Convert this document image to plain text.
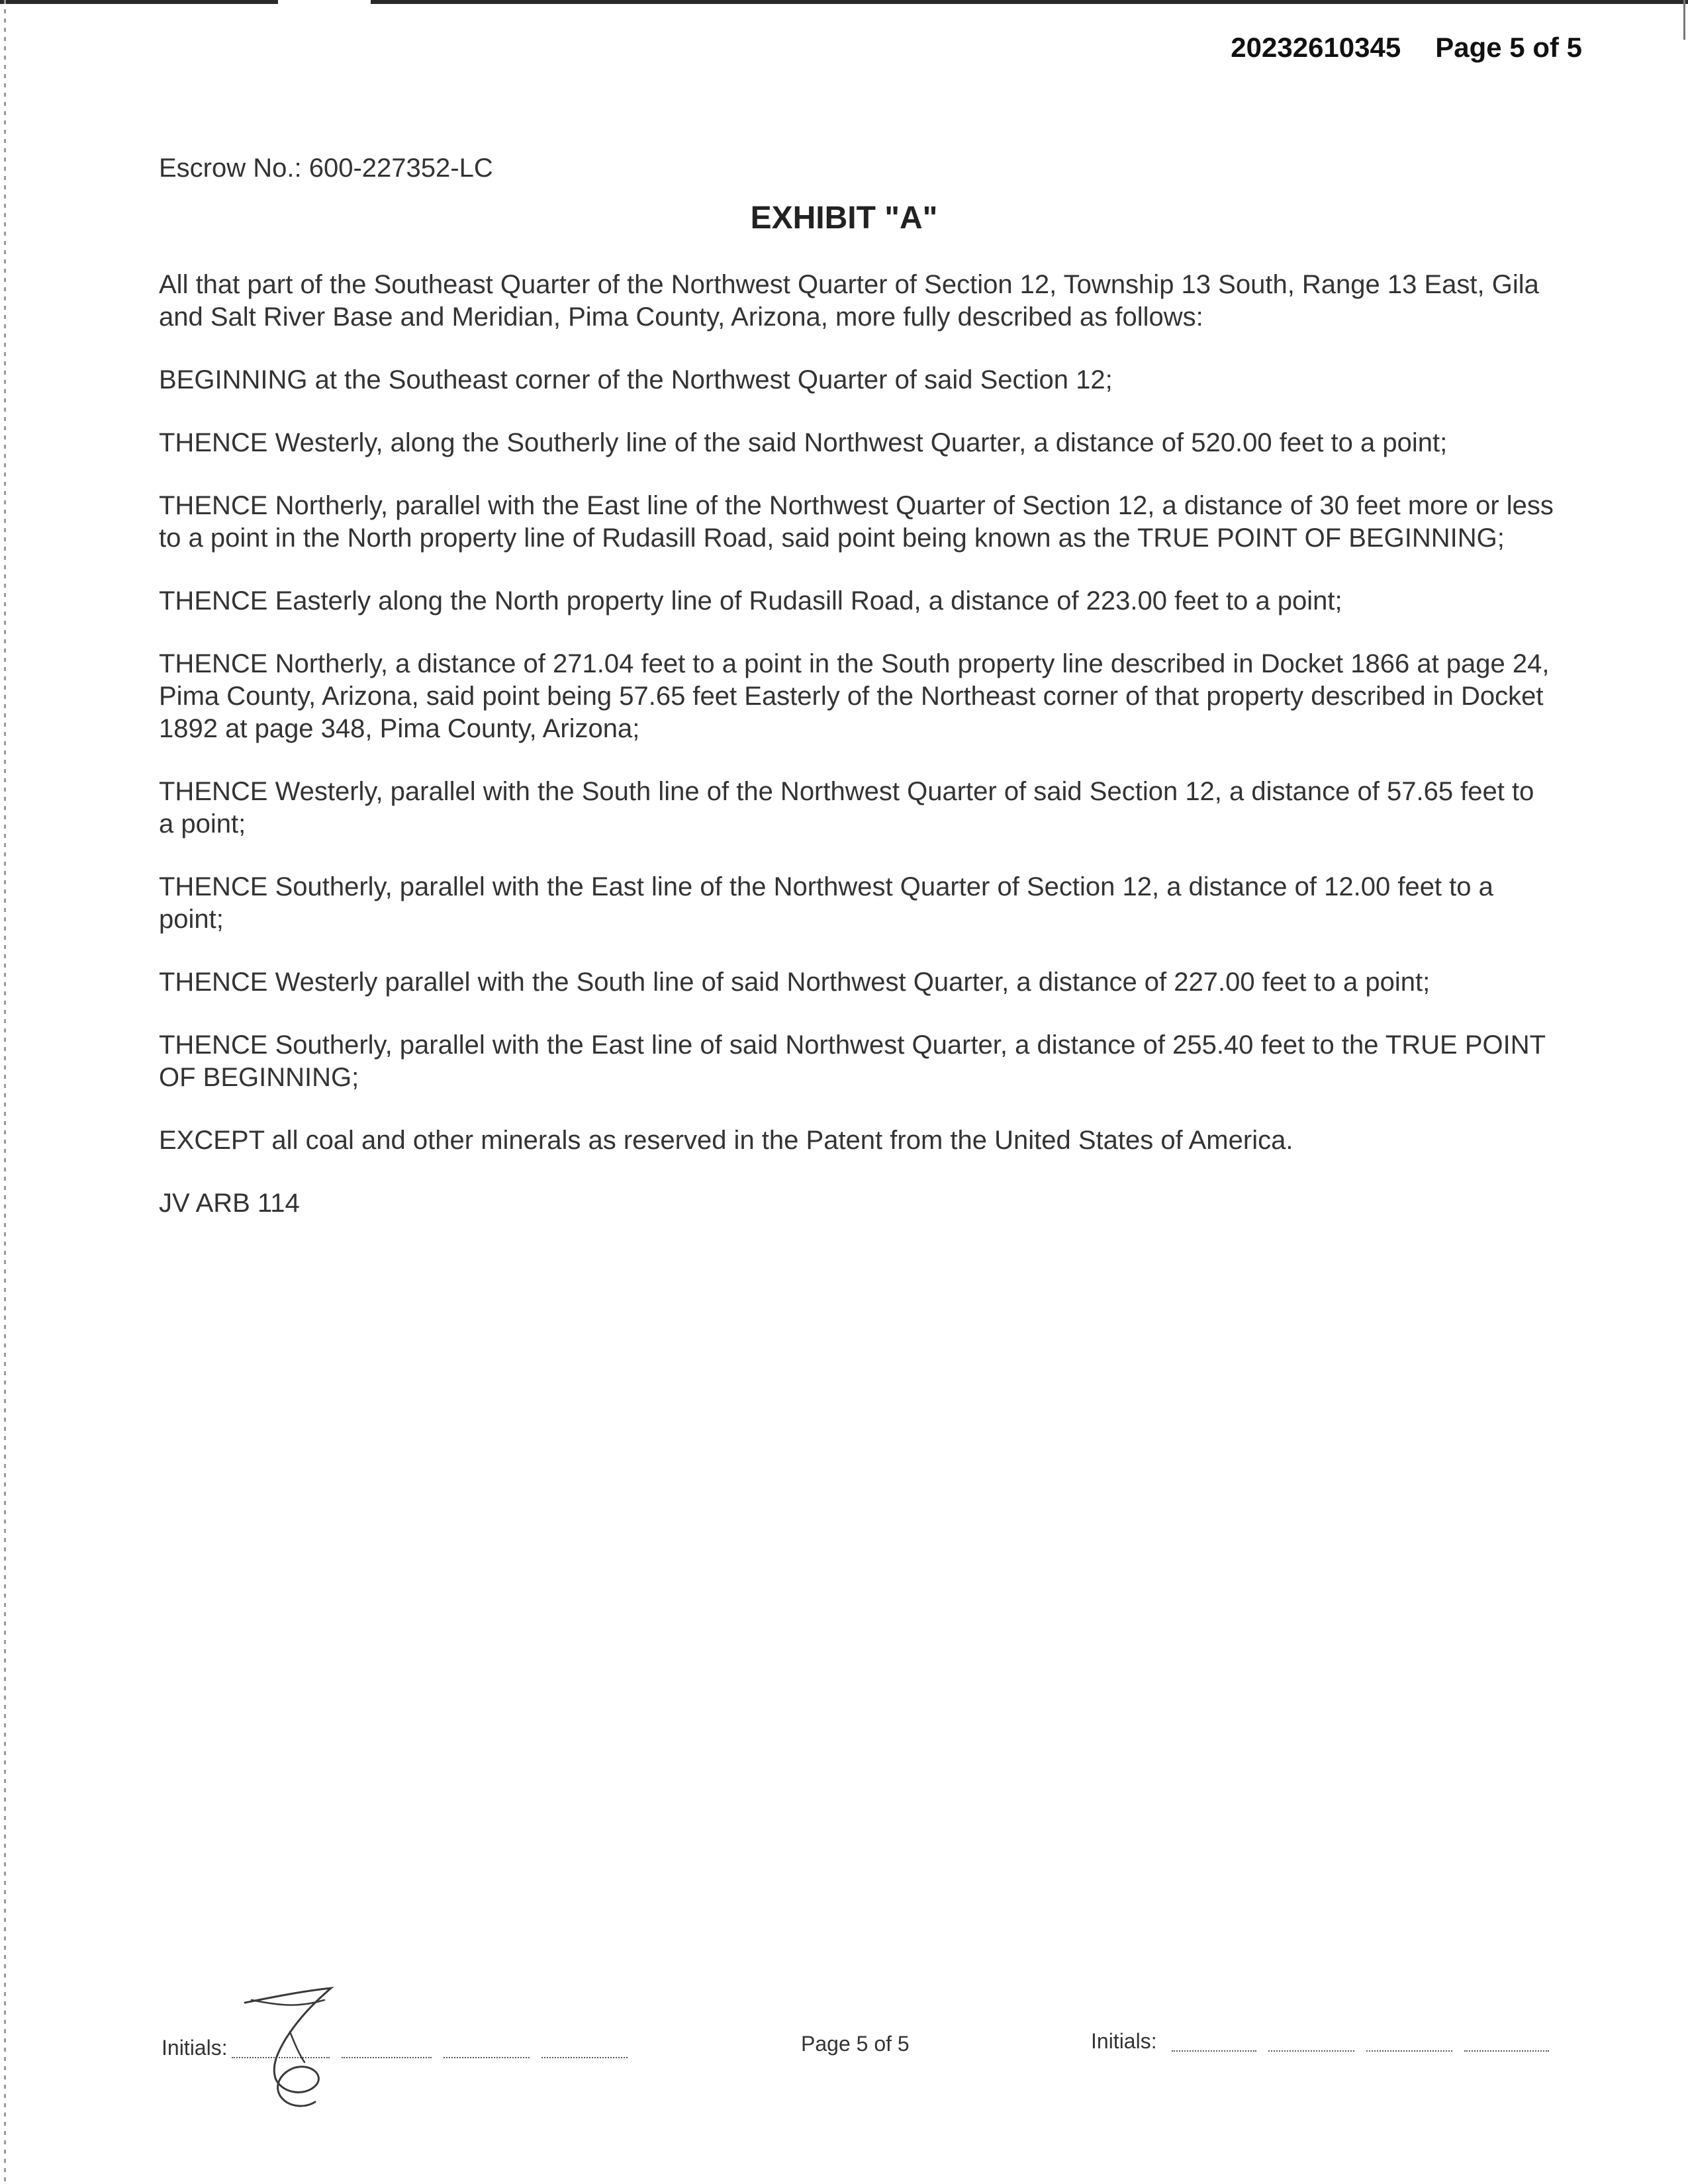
20232610345 Page 5 of 5
Escrow No.: 600-227352-LC
EXHIBIT "A"

All that part of the Southeast Quarter of the Northwest Quarter of Section 12, Township 13 South, Range 13 East, Gila and Salt River Base and Meridian, Pima County, Arizona, more fully described as follows:

BEGINNING at the Southeast corner of the Northwest Quarter of said Section 12;

THENCE Westerly, along the Southerly line of the said Northwest Quarter, a distance of 520.00 feet to a point;

THENCE Northerly, parallel with the East line of the Northwest Quarter of Section 12, a distance of 30 feet more or less to a point in the North property line of Rudasill Road, said point being known as the TRUE POINT OF BEGINNING;

THENCE Easterly along the North property line of Rudasill Road, a distance of 223.00 feet to a point;

THENCE Northerly, a distance of 271.04 feet to a point in the South property line described in Docket 1866 at page 24, Pima County, Arizona, said point being 57.65 feet Easterly of the Northeast corner of that property described in Docket 1892 at page 348, Pima County, Arizona;

THENCE Westerly, parallel with the South line of the Northwest Quarter of said Section 12, a distance of 57.65 feet to a point;

THENCE Southerly, parallel with the East line of the Northwest Quarter of Section 12, a distance of 12.00 feet to a point;

THENCE Westerly parallel with the South line of said Northwest Quarter, a distance of 227.00 feet to a point;

THENCE Southerly, parallel with the East line of said Northwest Quarter, a distance of 255.40 feet to the TRUE POINT OF BEGINNING;

EXCEPT all coal and other minerals as reserved in the Patent from the United States of America.

JV ARB 114

Initials:	Page 5 of 5	Initials:
